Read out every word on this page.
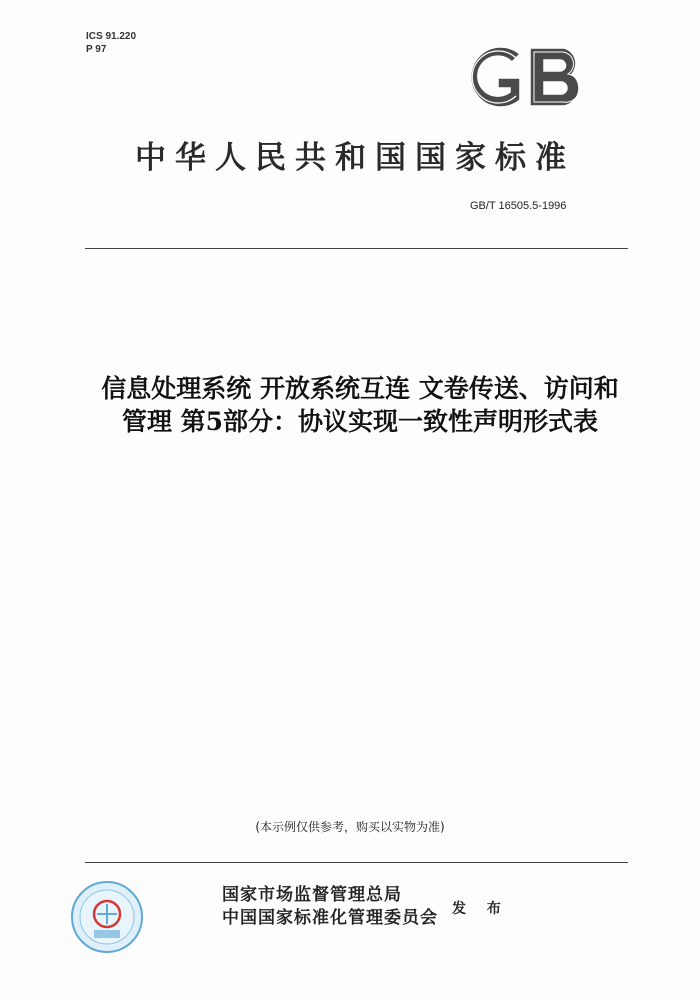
ICS 91.220
P 97
GB
中华人民共和国国家标准
GB/T 16505.5-1996
信息处理系统 开放系统互连 文卷传送、访问和
管理 第5部分：协议实现一致性声明形式表
(本示例仅供参考，购买以实物为准)
国家市场监督管理总局
中国国家标准化管理委员会 发 布
